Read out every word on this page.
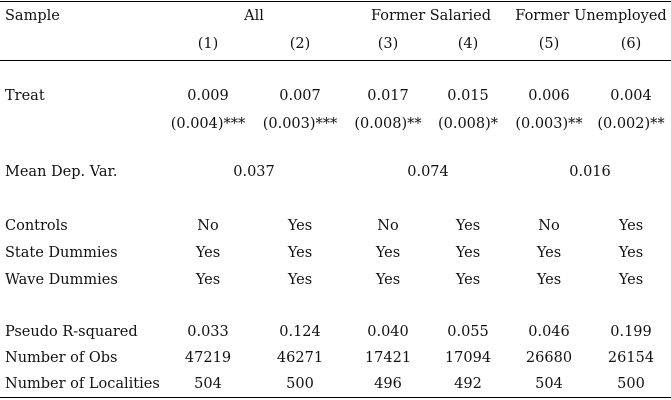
Sample	All	Former Salaried Former Unemployed
(1)	(2)	(3)	(4)	(5)	(6)
Treat	0.009	0.007	0.017	0.015	0.006	0.004
(0.004)*** (0.003)*** (0.008)** (0.008)* (0.003)** (0.002)**
Mean Dep. Var.	0.037	0.074	0.016
Controls	No	Yes	No	Yes	No	Yes
State Dummies	Yes	Yes	Yes	Yes	Yes	Yes
Wave Dummies	Yes	Yes	Yes	Yes	Yes	Yes
Pseudo R-squared	0.033	0.124	0.040	0.055	0.046	0.199
Number of Obs	47219	46271	17421 17094 26680 26154
Number of Localities 504	500	496	492	504	500
